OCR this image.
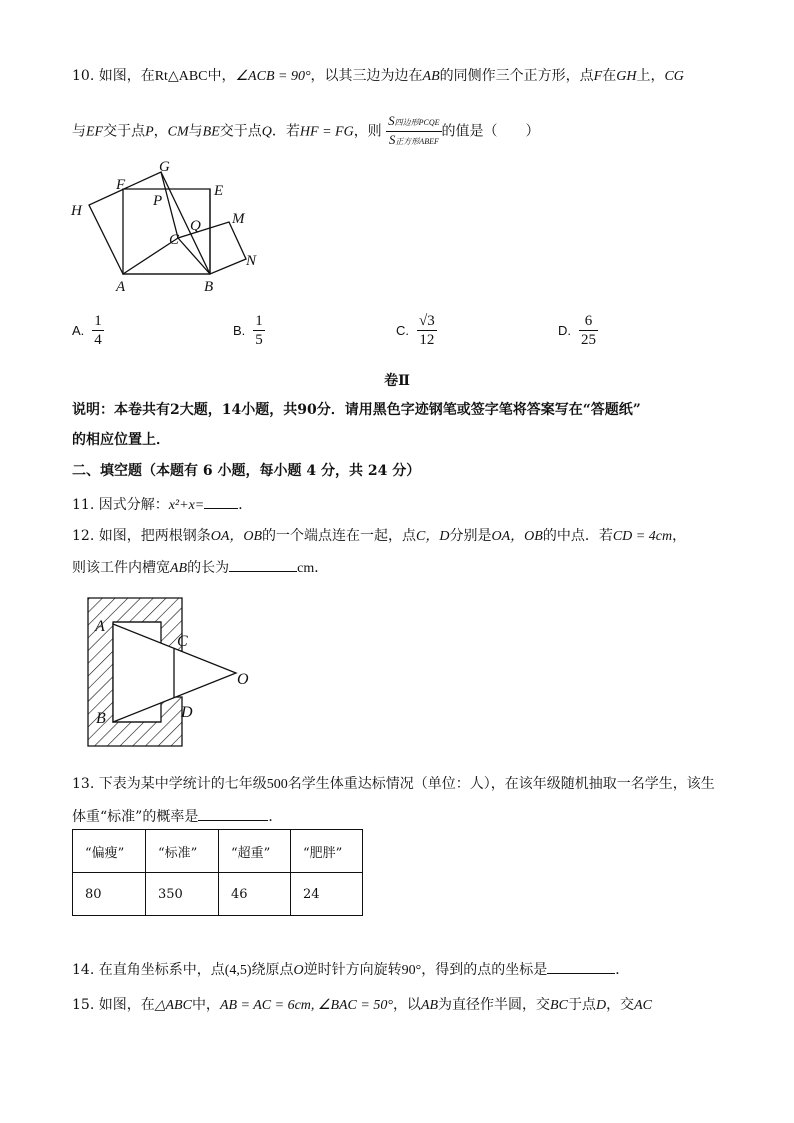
10. 如图，在Rt△ABC中，∠ACB = 90°，以其三边为边在AB的同侧作三个正方形，点F在GH上，CG
与EF交于点P，CM与BE交于点Q．若HF = FG，则 $\frac{\text{S四边形PCQE}}{\text{S正方形ABEF}}$ 的值是（　　）
G
F	E
H
P
Q M
C
N
A	B
A. $\frac{1}{4}$	B. $\frac{1}{5}$	C. $\frac{√3}{12}$	D. $\frac{6}{25}$
卷Ⅱ
说明：本卷共有2大题，14小题，共90分．请用黑色字迹钢笔或签字笔将答案写在“答题纸”
的相应位置上．
二、填空题（本题有 6 小题，每小题 4 分，共 24 分）
11. 因式分解：x²+x= ．
12. 如图，把两根钢条OA，OB的一个端点连在一起，点C，D分别是OA，OB的中点．若CD = 4cm，
则该工件内槽宽AB的长为	cm．
A
C
O
D
B
13. 下表为某中学统计的七年级500名学生体重达标情况（单位：人），在该年级随机抽取一名学生，该生
体重“标准”的概率是	．
“偏瘦”	“标准”	“超重”	“肥胖”
80	350	46	24
14. 在直角坐标系中，点(4,5)绕原点O逆时针方向旋转90°，得到的点的坐标是	．
15. 如图，在△ABC中，AB = AC = 6cm, ∠BAC = 50°，以AB为直径作半圆，交BC于点D，交AC
